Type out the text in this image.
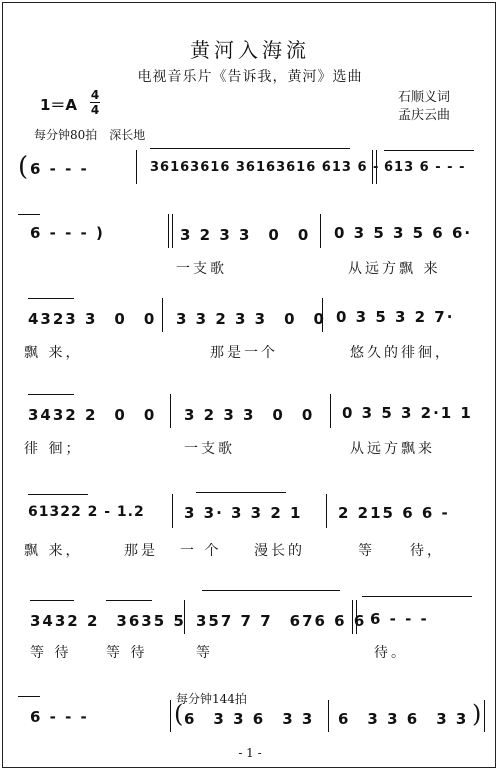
黄河入海流
电视音乐片《告诉我，黄河》选曲
石顺义词
孟庆云曲
1＝A
4
4
每分钟80拍　深长地
( 6 - - -	36163616 36163616 6̇13 6 - 6̇13 6 - - -
6 - - - )	3 2 3 3　0　0 0 3 5 3 5 6 6·
一支歌	从远方飘 来
4323 3　0　0 3 3 2 3 3　0　0 0 3 5 3 2 7·
飘 来，	那是一个	悠久的徘徊，
3432 2　0　0 3 2 3 3　0　0 0 3 5 3 2·1 1
徘 徊；	一支歌	从远方飘来
61322 2 - 1.2	3 3· 3 3 2 1 2 215 6 6 -
飘 来，	那是 一 个 漫长的	等	待，
3432 2　3635 5 357 7 7　676 6 6 6 - - -
等 待 等 待	等	待。
每分钟144拍
6 - - -	( 6　3 3 6　3 3 6　3 3 6　3 3 )
- 1 -
